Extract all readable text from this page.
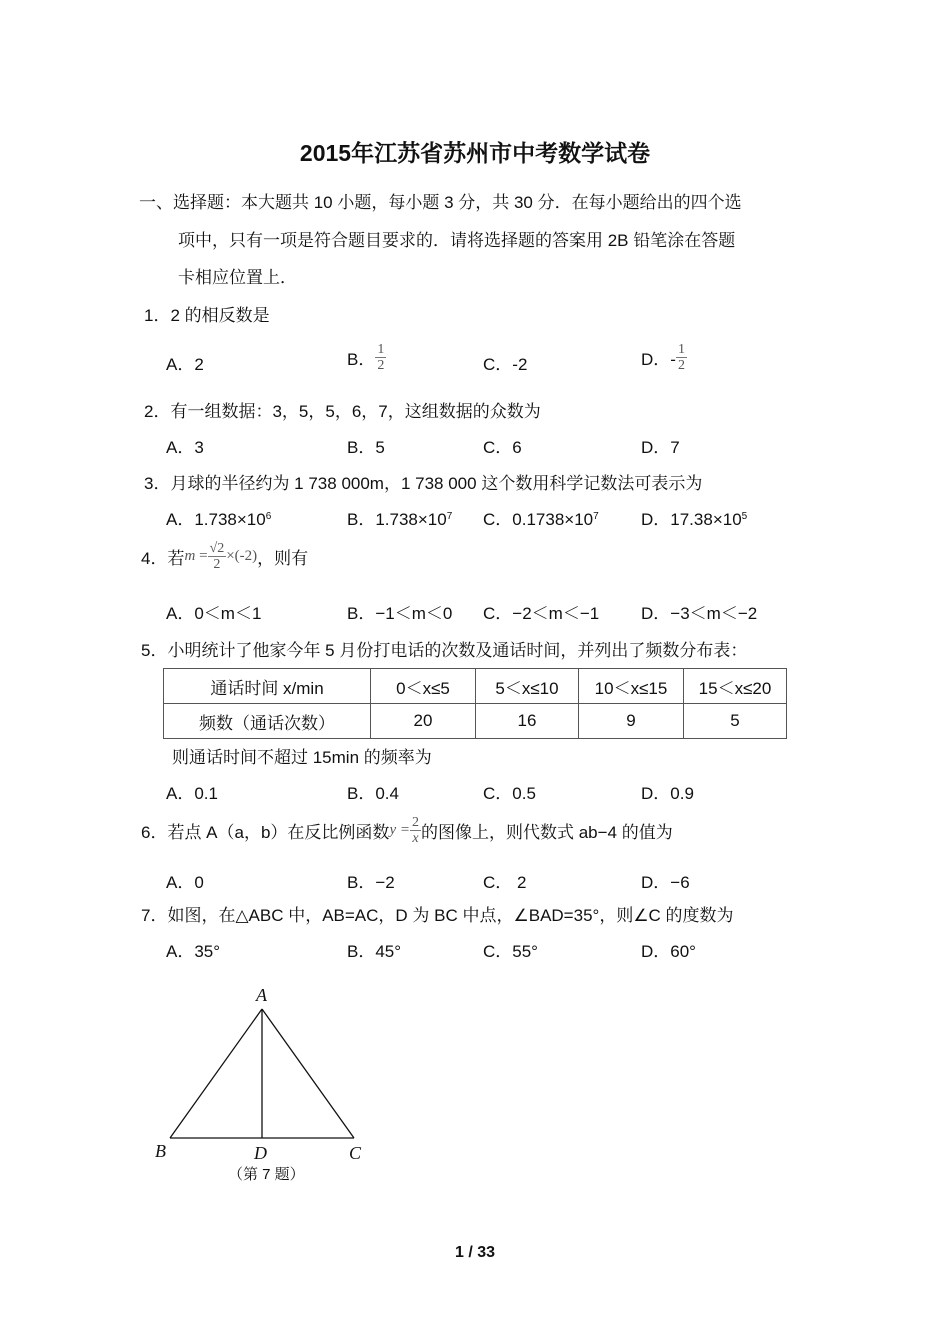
2015年江苏省苏州市中考数学试卷
一、选择题：本大题共 10 小题，每小题 3 分，共 30 分．在每小题给出的四个选
项中，只有一项是符合题目要求的．请将选择题的答案用 2B 铅笔涂在答题
卡相应位置上．
1．2 的相反数是
A．2	B． $\frac{1}{2}$	C．-2	D．- $\frac{1}{2}$
2．有一组数据：3，5，5，6，7，这组数据的众数为
A．3	B．5	C．6	D．7
3．月球的半径约为 1 738 000m，1 738 000 这个数用科学记数法可表示为
A．$1.738\times 10^6$	B．$1.738\times 10^7$ C．$0.1738\times 10^7$ D．$17.38\times 10^5$
4．若$m = \frac{√2}{2} \times(-2)$，则有
A．0＜m＜1	B．−1＜m＜0 C．−2＜m＜−1 D．−3＜m＜−2
5．小明统计了他家今年 5 月份打电话的次数及通话时间，并列出了频数分布表：
通话时间 x/min	0＜x≤5	5＜x≤10	10＜x≤15	15＜x≤20
频数（通话次数）	20	16	9	5
则通话时间不超过 15min 的频率为
A．0.1	B．0.4	C．0.5	D．0.9
6．若点 A（a，b）在反比例函数$y = \frac{2}{x}$ 的图像上，则代数式 ab−4 的值为
A．0	B．−2	C． 2	D．−6
7．如图，在△ABC 中，AB=AC，D 为 BC 中点，∠BAD=35°，则∠C 的度数为
A．35°	B．45°	C．55°	D．60°
A
B	C
D
（第 7 题）
1 / 33
